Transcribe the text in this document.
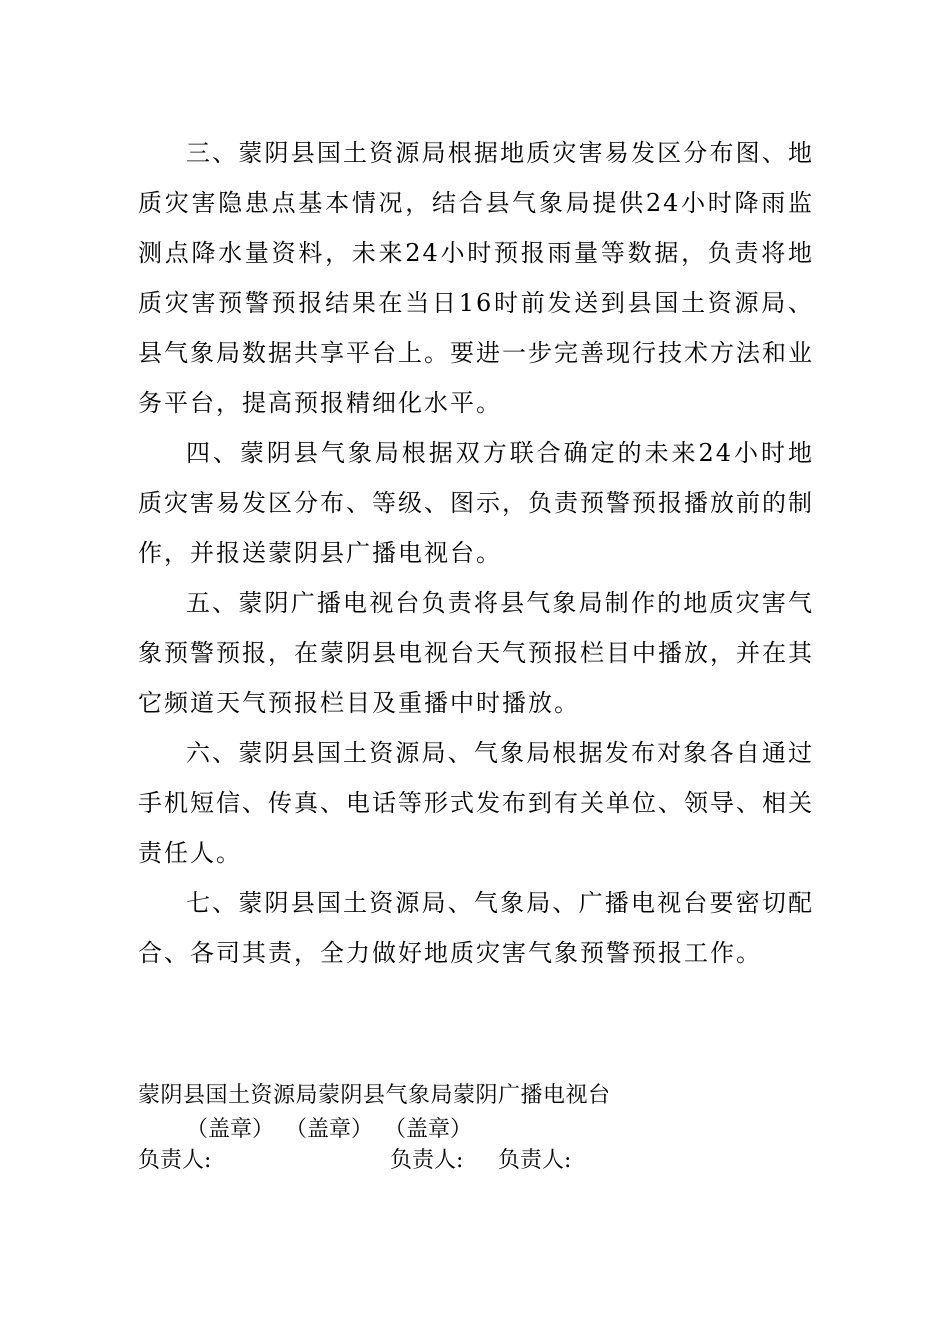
三、蒙阴县国土资源局根据地质灾害易发区分布图、地质灾害隐患点基本情况，结合县气象局提供24小时降雨监测点降水量资料，未来24小时预报雨量等数据，负责将地质灾害预警预报结果在当日16时前发送到县国土资源局、县气象局数据共享平台上。要进一步完善现行技术方法和业务平台，提高预报精细化水平。

四、蒙阴县气象局根据双方联合确定的未来24小时地质灾害易发区分布、等级、图示，负责预警预报播放前的制作，并报送蒙阴县广播电视台。

五、蒙阴广播电视台负责将县气象局制作的地质灾害气象预警预报，在蒙阴县电视台天气预报栏目中播放，并在其它频道天气预报栏目及重播中时播放。

六、蒙阴县国土资源局、气象局根据发布对象各自通过手机短信、传真、电话等形式发布到有关单位、领导、相关责任人。

七、蒙阴县国土资源局、气象局、广播电视台要密切配合、各司其责，全力做好地质灾害气象预警预报工作。

蒙阴县国土资源局蒙阴县气象局蒙阴广播电视台
（盖章） （盖章） （盖章）
负责人:	负责人: 负责人:
